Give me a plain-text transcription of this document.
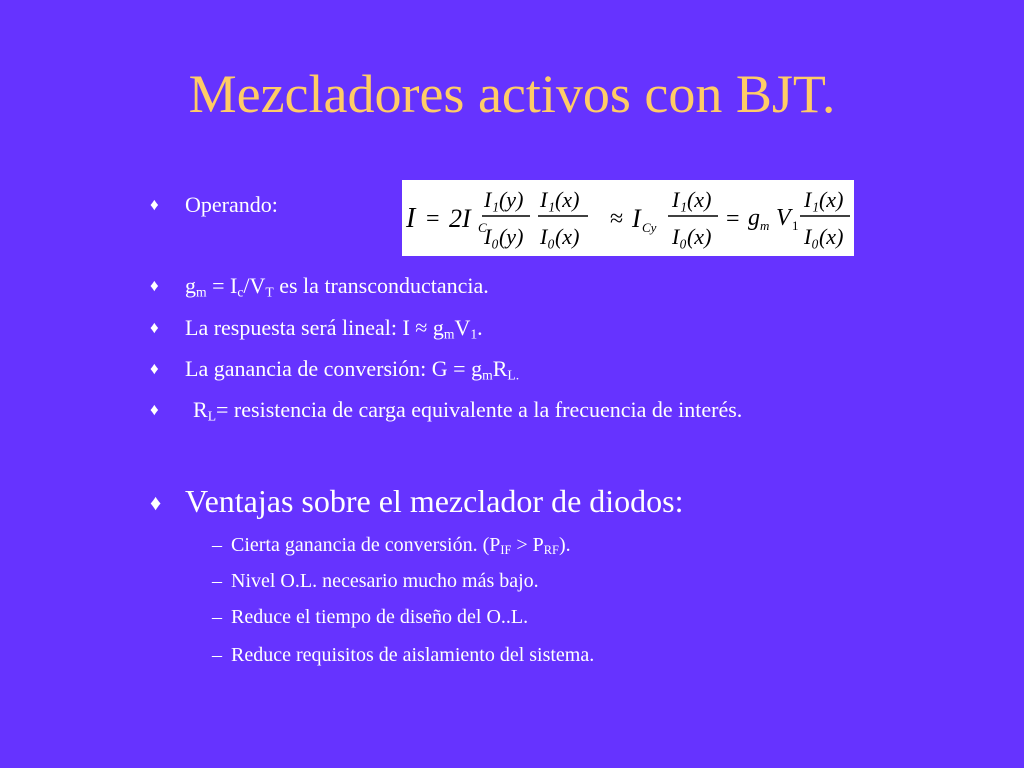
Mezcladores activos con BJT.
♦ Operando:	I = 2I C
I₁(y)
I₀(y)
I₁(x)
I₀(x)
≈ I Cy
I₁(x)
I₀(x)
= g m V 1
I₁(x)
I₀(x)
♦ $g_m = I_c/V_T$ es la transconductancia.
♦ La respuesta será lineal: $I \approx g_mV_1$.
♦ La ganancia de conversión: $G = g_mR_{L.}$
♦ $R_L=$ resistencia de carga equivalente a la frecuencia de interés.
♦ Ventajas sobre el mezclador de diodos:
– Cierta ganancia de conversión. $(P_{IF} > P_{RF})$.
– Nivel O.L. necesario mucho más bajo.
– Reduce el tiempo de diseño del O..L.
– Reduce requisitos de aislamiento del sistema.
